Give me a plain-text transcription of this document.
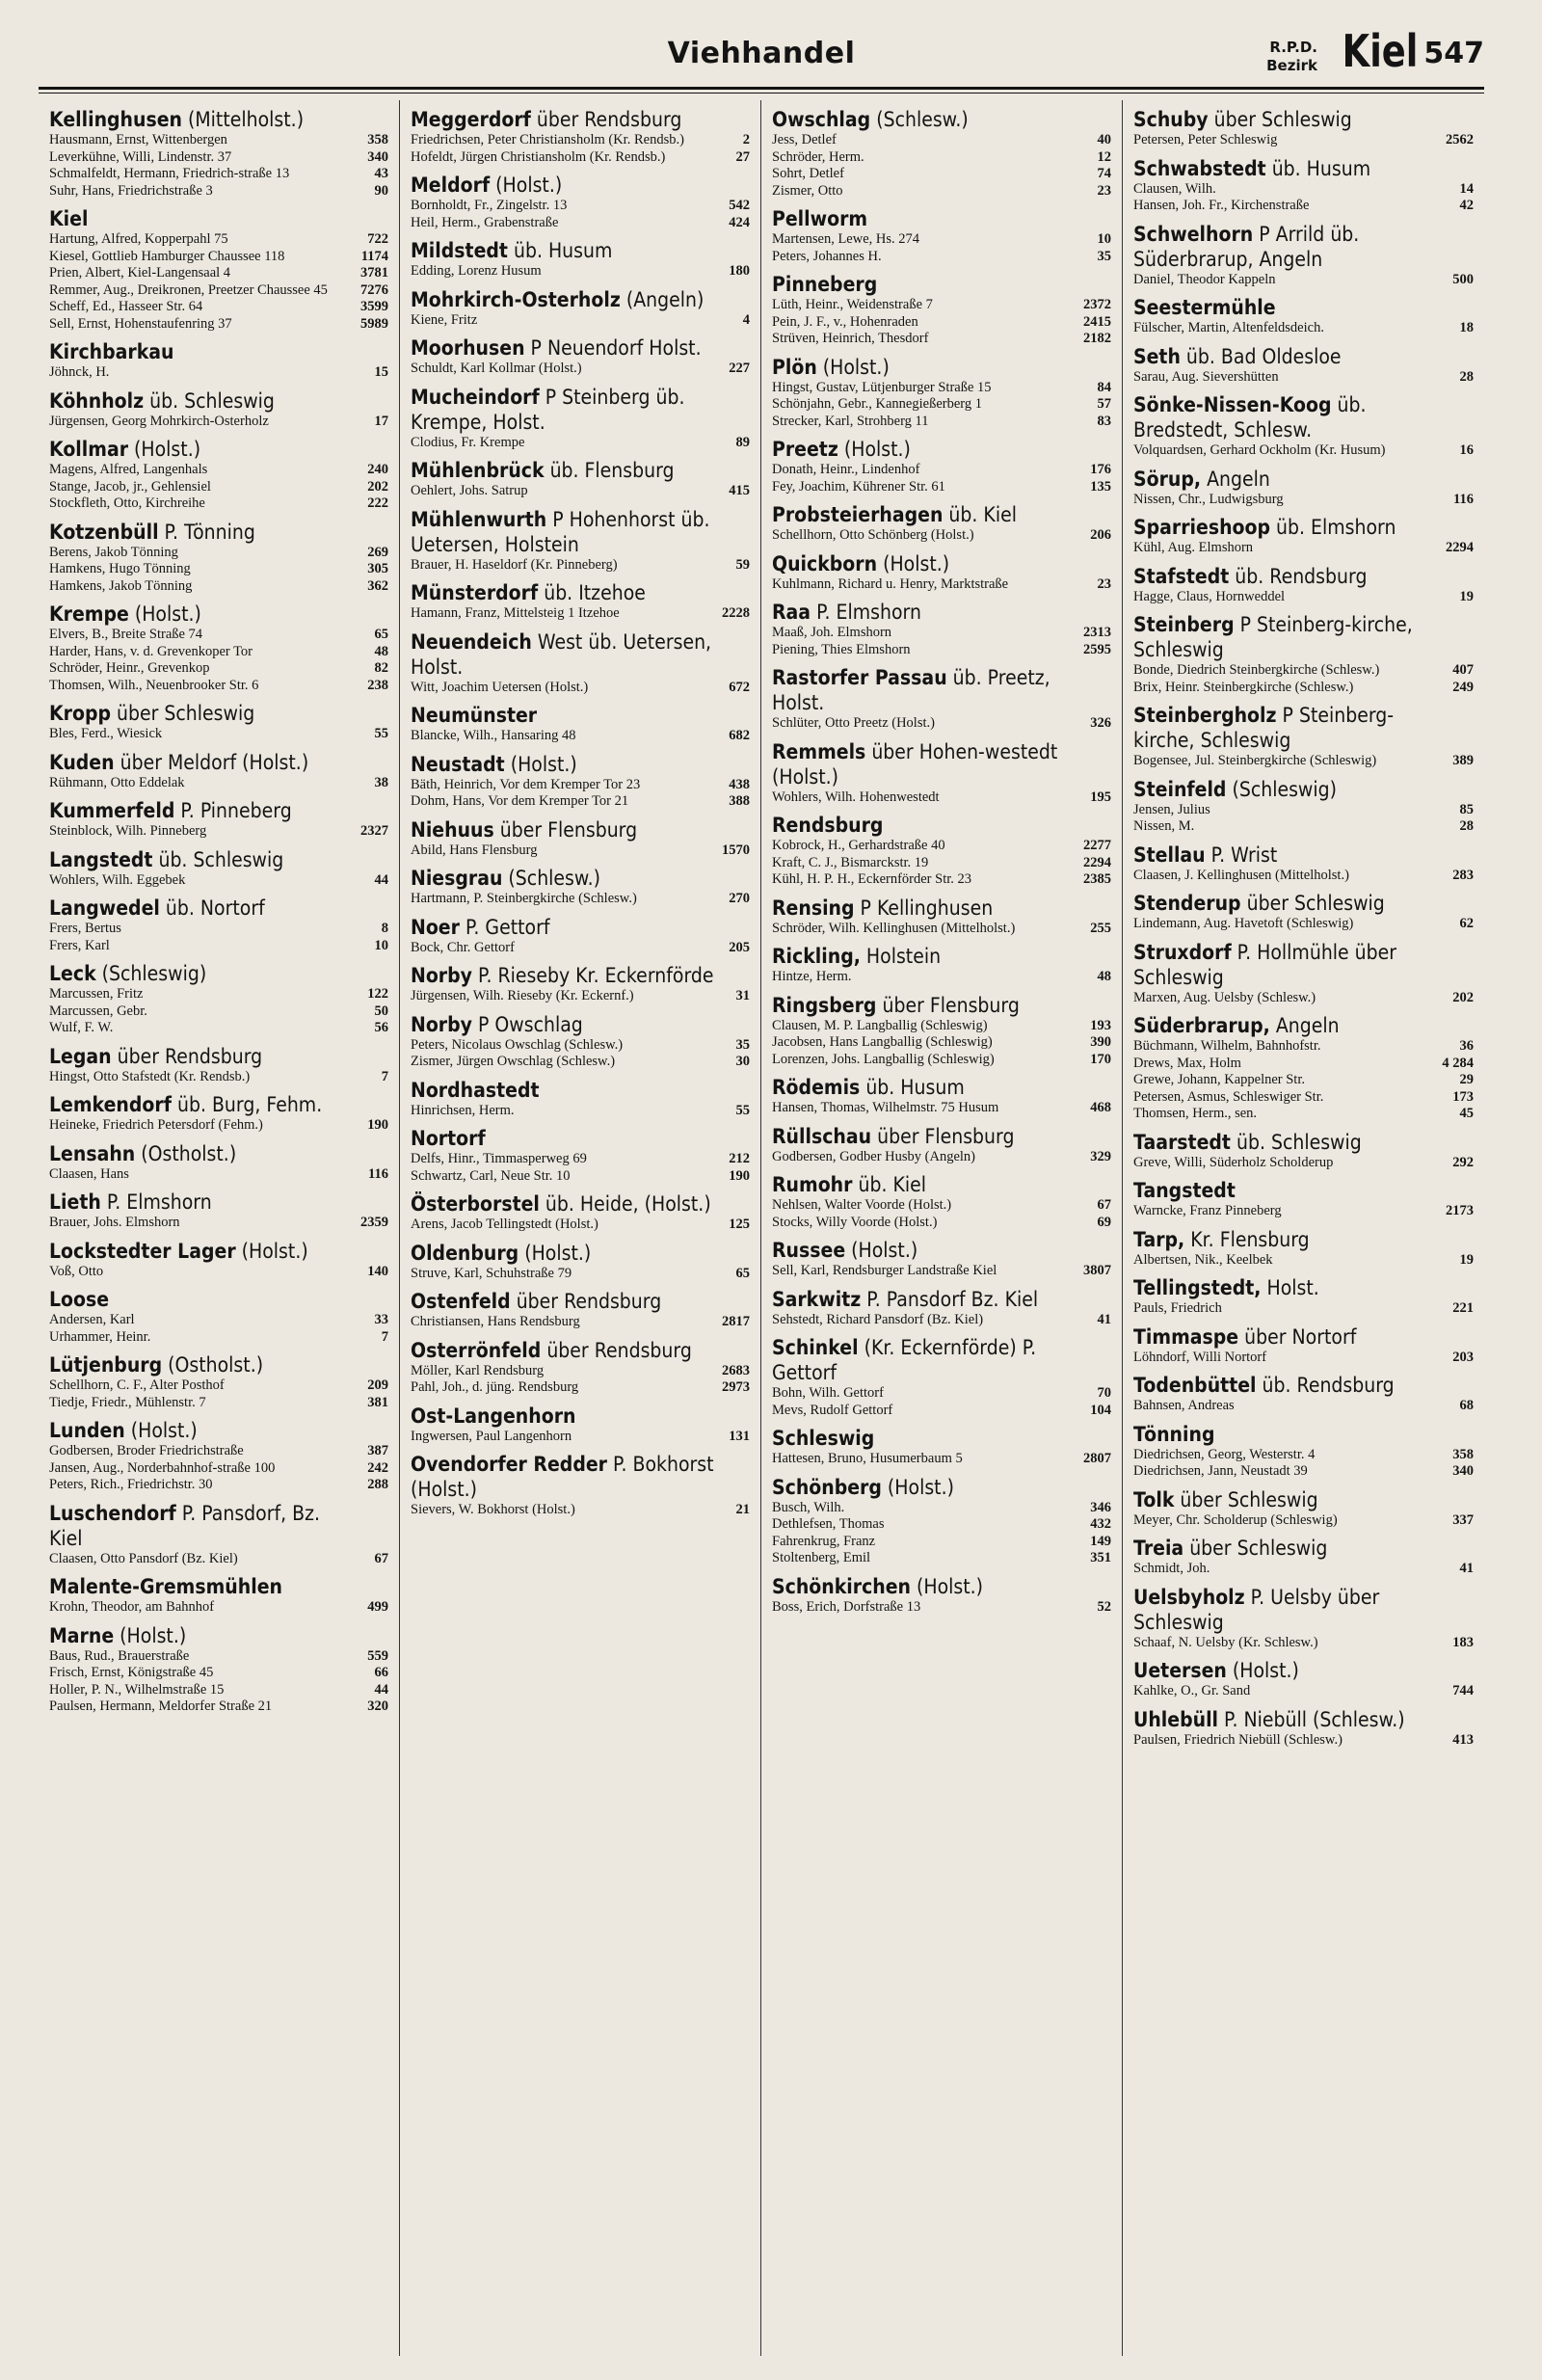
Viehhandel	R.P.D.
Bezirk Kiel 547
Kellinghusen (Mittelholst.)
Hausmann, Ernst, Wittenbergen	358
Leverkühne, Willi, Lindenstr. 37	340
Schmalfeldt, Hermann, Friedrich-straße 13	43
Suhr, Hans, Friedrichstraße 3	90
Kiel
Hartung, Alfred, Kopperpahl 75	722
Kiesel, Gottlieb Hamburger Chaussee 118	1174
Prien, Albert, Kiel-Langensaal 4	3781
Remmer, Aug., Dreikronen, Preetzer Chaussee 45	7276
Scheff, Ed., Hasseer Str. 64	3599
Sell, Ernst, Hohenstaufenring 37	5989
Kirchbarkau
Jöhnck, H.	15
Köhnholz üb. Schleswig
Jürgensen, Georg Mohrkirch-Osterholz	17
Kollmar (Holst.)
Magens, Alfred, Langenhals	240
Stange, Jacob, jr., Gehlensiel	202
Stockfleth, Otto, Kirchreihe	222
Kotzenbüll P. Tönning
Berens, Jakob Tönning	269
Hamkens, Hugo Tönning	305
Hamkens, Jakob Tönning	362
Krempe (Holst.)
Elvers, B., Breite Straße 74	65
Harder, Hans, v. d. Grevenkoper Tor	48
Schröder, Heinr., Grevenkop	82
Thomsen, Wilh., Neuenbrooker Str. 6	238
Kropp über Schleswig
Bles, Ferd., Wiesick	55
Kuden über Meldorf (Holst.)
Rühmann, Otto Eddelak	38
Kummerfeld P. Pinneberg
Steinblock, Wilh. Pinneberg	2327
Langstedt üb. Schleswig
Wohlers, Wilh. Eggebek	44
Langwedel üb. Nortorf
Frers, Bertus	8
Frers, Karl	10
Leck (Schleswig)
Marcussen, Fritz	122
Marcussen, Gebr.	50
Wulf, F. W.	56
Legan über Rendsburg
Hingst, Otto Stafstedt (Kr. Rendsb.)	7
Lemkendorf üb. Burg, Fehm.
Heineke, Friedrich Petersdorf (Fehm.)	190
Lensahn (Ostholst.)
Claasen, Hans	116
Lieth P. Elmshorn
Brauer, Johs. Elmshorn	2359
Lockstedter Lager (Holst.)
Voß, Otto	140
Loose
Andersen, Karl	33
Urhammer, Heinr.	7
Lütjenburg (Ostholst.)
Schellhorn, C. F., Alter Posthof	209
Tiedje, Friedr., Mühlenstr. 7	381
Lunden (Holst.)
Godbersen, Broder Friedrichstraße	387
Jansen, Aug., Norderbahnhof-straße 100	242
Peters, Rich., Friedrichstr. 30	288
Luschendorf P. Pansdorf, Bz. Kiel
Claasen, Otto Pansdorf (Bz. Kiel)	67
Malente-Gremsmühlen
Krohn, Theodor, am Bahnhof	499
Marne (Holst.)
Baus, Rud., Brauerstraße	559
Frisch, Ernst, Königstraße 45	66
Holler, P. N., Wilhelmstraße 15	44
Paulsen, Hermann, Meldorfer Straße 21	320
Meggerdorf über Rendsburg
Friedrichsen, Peter Christiansholm (Kr. Rendsb.)	2
Hofeldt, Jürgen Christiansholm (Kr. Rendsb.)	27
Meldorf (Holst.)
Bornholdt, Fr., Zingelstr. 13	542
Heil, Herm., Grabenstraße	424
Mildstedt üb. Husum
Edding, Lorenz Husum	180
Mohrkirch-Osterholz (Angeln)
Kiene, Fritz	4
Moorhusen P Neuendorf Holst.
Schuldt, Karl Kollmar (Holst.)	227
Mucheindorf P Steinberg üb. Krempe, Holst.
Clodius, Fr. Krempe	89
Mühlenbrück üb. Flensburg
Oehlert, Johs. Satrup	415
Mühlenwurth P Hohenhorst üb. Uetersen, Holstein
Brauer, H. Haseldorf (Kr. Pinneberg)	59
Münsterdorf üb. Itzehoe
Hamann, Franz, Mittelsteig 1 Itzehoe	2228
Neuendeich West üb. Uetersen, Holst.
Witt, Joachim Uetersen (Holst.)	672
Neumünster
Blancke, Wilh., Hansaring 48	682
Neustadt (Holst.)
Bäth, Heinrich, Vor dem Kremper Tor 23	438
Dohm, Hans, Vor dem Kremper Tor 21	388
Niehuus über Flensburg
Abild, Hans Flensburg	1570
Niesgrau (Schlesw.)
Hartmann, P. Steinbergkirche (Schlesw.)	270
Noer P. Gettorf
Bock, Chr. Gettorf	205
Norby P. Rieseby Kr. Eckernförde
Jürgensen, Wilh. Rieseby (Kr. Eckernf.)	31
Norby P Owschlag
Peters, Nicolaus Owschlag (Schlesw.)	35
Zismer, Jürgen Owschlag (Schlesw.)	30
Nordhastedt
Hinrichsen, Herm.	55
Nortorf
Delfs, Hinr., Timmasperweg 69	212
Schwartz, Carl, Neue Str. 10	190
Österborstel üb. Heide, (Holst.)
Arens, Jacob Tellingstedt (Holst.)	125
Oldenburg (Holst.)
Struve, Karl, Schuhstraße 79	65
Ostenfeld über Rendsburg
Christiansen, Hans Rendsburg	2817
Osterrönfeld über Rendsburg
Möller, Karl Rendsburg	2683
Pahl, Joh., d. jüng. Rendsburg	2973
Ost-Langenhorn
Ingwersen, Paul Langenhorn	131
Ovendorfer Redder P. Bokhorst (Holst.)
Sievers, W. Bokhorst (Holst.)	21
Owschlag (Schlesw.)
Jess, Detlef	40
Schröder, Herm.	12
Sohrt, Detlef	74
Zismer, Otto	23
Pellworm
Martensen, Lewe, Hs. 274	10
Peters, Johannes H.	35
Pinneberg
Lüth, Heinr., Weidenstraße 7	2372
Pein, J. F., v., Hohenraden	2415
Strüven, Heinrich, Thesdorf	2182
Plön (Holst.)
Hingst, Gustav, Lütjenburger Straße 15	84
Schönjahn, Gebr., Kannegießerberg 1	57
Strecker, Karl, Strohberg 11	83
Preetz (Holst.)
Donath, Heinr., Lindenhof	176
Fey, Joachim, Kührener Str. 61	135
Probsteierhagen üb. Kiel
Schellhorn, Otto Schönberg (Holst.)	206
Quickborn (Holst.)
Kuhlmann, Richard u. Henry, Marktstraße	23
Raa P. Elmshorn
Maaß, Joh. Elmshorn	2313
Piening, Thies Elmshorn	2595
Rastorfer Passau üb. Preetz, Holst.
Schlüter, Otto Preetz (Holst.)	326
Remmels über Hohen-westedt (Holst.)
Wohlers, Wilh. Hohenwestedt	195
Rendsburg
Kobrock, H., Gerhardstraße 40	2277
Kraft, C. J., Bismarckstr. 19	2294
Kühl, H. P. H., Eckernförder Str. 23	2385
Rensing P Kellinghusen
Schröder, Wilh. Kellinghusen (Mittelholst.)	255
Rickling, Holstein
Hintze, Herm.	48
Ringsberg über Flensburg
Clausen, M. P. Langballig (Schleswig)	193
Jacobsen, Hans Langballig (Schleswig)	390
Lorenzen, Johs. Langballig (Schleswig)	170
Rödemis üb. Husum
Hansen, Thomas, Wilhelmstr. 75 Husum	468
Rüllschau über Flensburg
Godbersen, Godber Husby (Angeln)	329
Rumohr üb. Kiel
Nehlsen, Walter Voorde (Holst.)	67
Stocks, Willy Voorde (Holst.)	69
Russee (Holst.)
Sell, Karl, Rendsburger Landstraße Kiel	3807
Sarkwitz P. Pansdorf Bz. Kiel
Sehstedt, Richard Pansdorf (Bz. Kiel)	41
Schinkel (Kr. Eckernförde) P. Gettorf
Bohn, Wilh. Gettorf	70
Mevs, Rudolf Gettorf	104
Schleswig
Hattesen, Bruno, Husumerbaum 5	2807
Schönberg (Holst.)
Busch, Wilh.	346
Dethlefsen, Thomas	432
Fahrenkrug, Franz	149
Stoltenberg, Emil	351
Schönkirchen (Holst.)
Boss, Erich, Dorfstraße 13	52
Schuby über Schleswig
Petersen, Peter Schleswig	2562
Schwabstedt üb. Husum
Clausen, Wilh.	14
Hansen, Joh. Fr., Kirchenstraße	42
Schwelhorn P Arrild üb. Süderbrarup, Angeln
Daniel, Theodor Kappeln	500
Seestermühle
Fülscher, Martin, Altenfeldsdeich.	18
Seth üb. Bad Oldesloe
Sarau, Aug. Sievershütten	28
Sönke-Nissen-Koog üb. Bredstedt, Schlesw.
Volquardsen, Gerhard Ockholm (Kr. Husum)	16
Sörup, Angeln
Nissen, Chr., Ludwigsburg	116
Sparrieshoop üb. Elmshorn
Kühl, Aug. Elmshorn	2294
Stafstedt üb. Rendsburg
Hagge, Claus, Hornweddel	19
Steinberg P Steinberg-kirche, Schleswig
Bonde, Diedrich Steinbergkirche (Schlesw.)	407
Brix, Heinr. Steinbergkirche (Schlesw.)	249
Steinbergholz P Steinberg-kirche, Schleswig
Bogensee, Jul. Steinbergkirche (Schleswig)	389
Steinfeld (Schleswig)
Jensen, Julius	85
Nissen, M.	28
Stellau P. Wrist
Claasen, J. Kellinghusen (Mittelholst.)	283
Stenderup über Schleswig
Lindemann, Aug. Havetoft (Schleswig)	62
Struxdorf P. Hollmühle über Schleswig
Marxen, Aug. Uelsby (Schlesw.)	202
Süderbrarup, Angeln
Büchmann, Wilhelm, Bahnhofstr.	36
Drews, Max, Holm	4 284
Grewe, Johann, Kappelner Str.	29
Petersen, Asmus, Schleswiger Str.	173
Thomsen, Herm., sen.	45
Taarstedt üb. Schleswig
Greve, Willi, Süderholz Scholderup	292
Tangstedt
Warncke, Franz Pinneberg	2173
Tarp, Kr. Flensburg
Albertsen, Nik., Keelbek	19
Tellingstedt, Holst.
Pauls, Friedrich	221
Timmaspe über Nortorf
Löhndorf, Willi Nortorf	203
Todenbüttel üb. Rendsburg
Bahnsen, Andreas	68
Tönning
Diedrichsen, Georg, Westerstr. 4	358
Diedrichsen, Jann, Neustadt 39	340
Tolk über Schleswig
Meyer, Chr. Scholderup (Schleswig)	337
Treia über Schleswig
Schmidt, Joh.	41
Uelsbyholz P. Uelsby über Schleswig
Schaaf, N. Uelsby (Kr. Schlesw.)	183
Uetersen (Holst.)
Kahlke, O., Gr. Sand	744
Uhlebüll P. Niebüll (Schlesw.)
Paulsen, Friedrich Niebüll (Schlesw.)	413
